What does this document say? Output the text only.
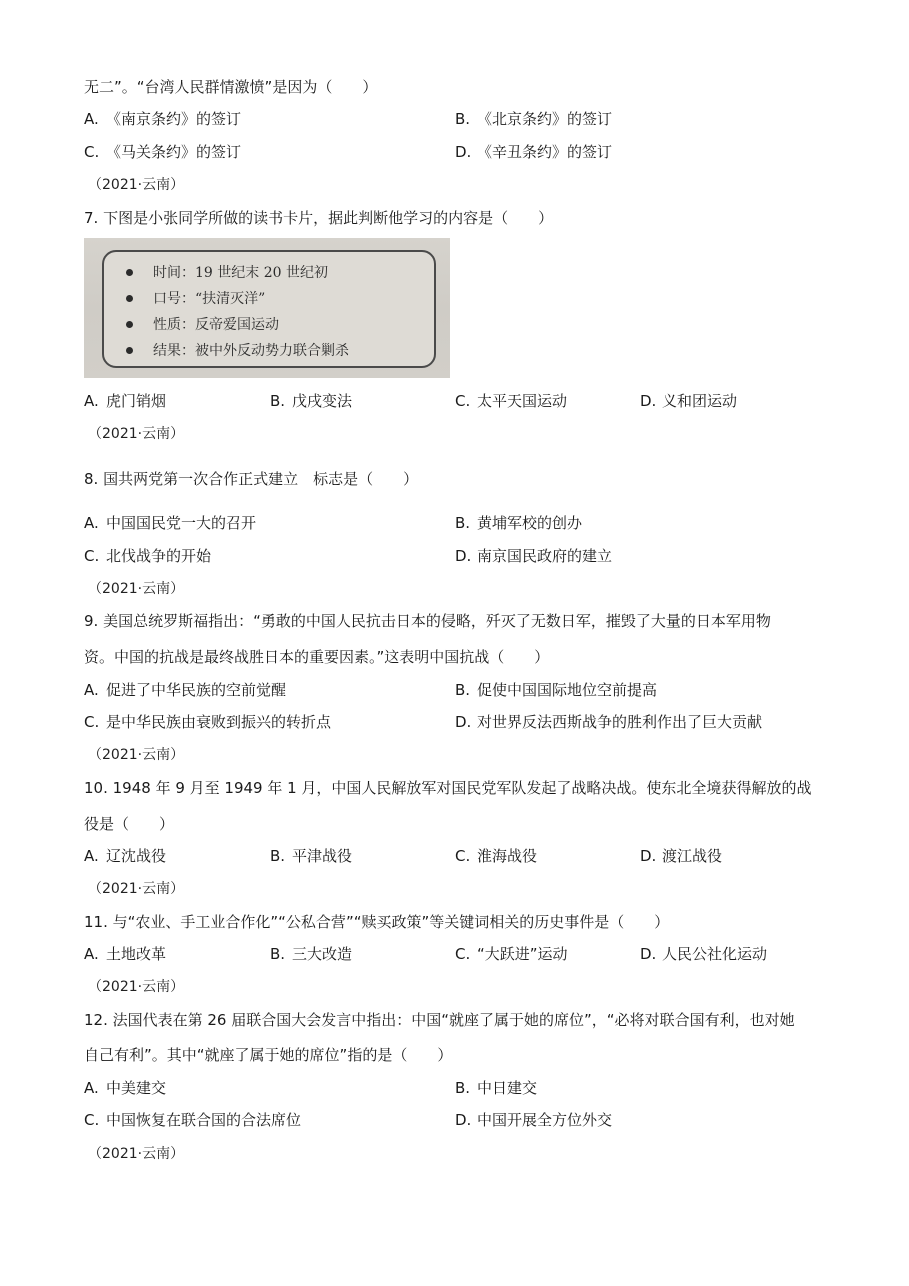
无二”。“台湾人民群情激愤”是因为（　　）
A. 《南京条约》的签订	B. 《北京条约》的签订
C. 《马关条约》的签订	D. 《辛丑条约》的签订
（2021·云南）
7. 下图是小张同学所做的读书卡片，据此判断他学习的内容是（　　）
时间：19 世纪末 20 世纪初
口号：“扶清灭洋”
性质：反帝爱国运动
结果：被中外反动势力联合剿杀
A. 虎门销烟	B. 戊戌变法	C. 太平天国运动	D. 义和团运动
（2021·云南）
8. 国共两党第一次合作正式建立　标志是（　　）
A. 中国国民党一大的召开	B. 黄埔军校的创办
C. 北伐战争的开始	D. 南京国民政府的建立
（2021·云南）
9. 美国总统罗斯福指出：“勇敢的中国人民抗击日本的侵略，歼灭了无数日军，摧毁了大量的日本军用物
资。中国的抗战是最终战胜日本的重要因素。”这表明中国抗战（　　）
A. 促进了中华民族的空前觉醒	B. 促使中国国际地位空前提高
C. 是中华民族由衰败到振兴的转折点	D. 对世界反法西斯战争的胜利作出了巨大贡献
（2021·云南）
10. 1948 年 9 月至 1949 年 1 月，中国人民解放军对国民党军队发起了战略决战。使东北全境获得解放的战
役是（　　）
A. 辽沈战役	B. 平津战役	C. 淮海战役	D. 渡江战役
（2021·云南）
11. 与“农业、手工业合作化”“公私合营”“赎买政策”等关键词相关的历史事件是（　　）
A. 土地改革	B. 三大改造	C. “大跃进”运动	D. 人民公社化运动
（2021·云南）
12. 法国代表在第 26 届联合国大会发言中指出：中国“就座了属于她的席位”，“必将对联合国有利，也对她
自己有利”。其中“就座了属于她的席位”指的是（　　）
A. 中美建交	B. 中日建交
C. 中国恢复在联合国的合法席位	D. 中国开展全方位外交
（2021·云南）
